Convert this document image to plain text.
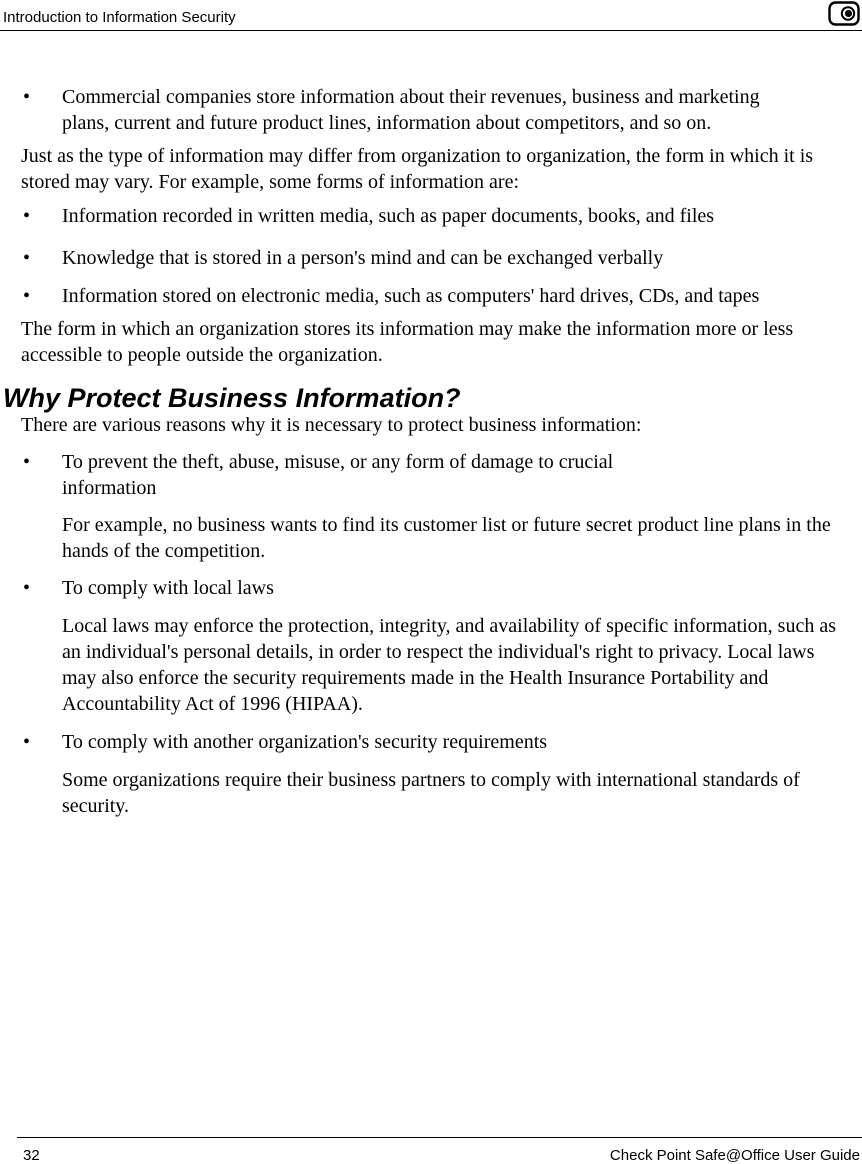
Introduction to Information Security
• Commercial companies store information about their revenues, business and marketing plans, current and future product lines, information about competitors, and so on.
Just as the type of information may differ from organization to organization, the form in which it is stored may vary. For example, some forms of information are:
• Information recorded in written media, such as paper documents, books, and files
• Knowledge that is stored in a person's mind and can be exchanged verbally
• Information stored on electronic media, such as computers' hard drives, CDs, and tapes
The form in which an organization stores its information may make the information more or less accessible to people outside the organization.
Why Protect Business Information?
There are various reasons why it is necessary to protect business information:
• To prevent the theft, abuse, misuse, or any form of damage to crucial information
For example, no business wants to find its customer list or future secret product line plans in the hands of the competition.
• To comply with local laws
Local laws may enforce the protection, integrity, and availability of specific information, such as an individual's personal details, in order to respect the individual's right to privacy. Local laws may also enforce the security requirements made in the Health Insurance Portability and Accountability Act of 1996 (HIPAA).
• To comply with another organization's security requirements
Some organizations require their business partners to comply with international standards of security.
32	Check Point Safe@Office User Guide
